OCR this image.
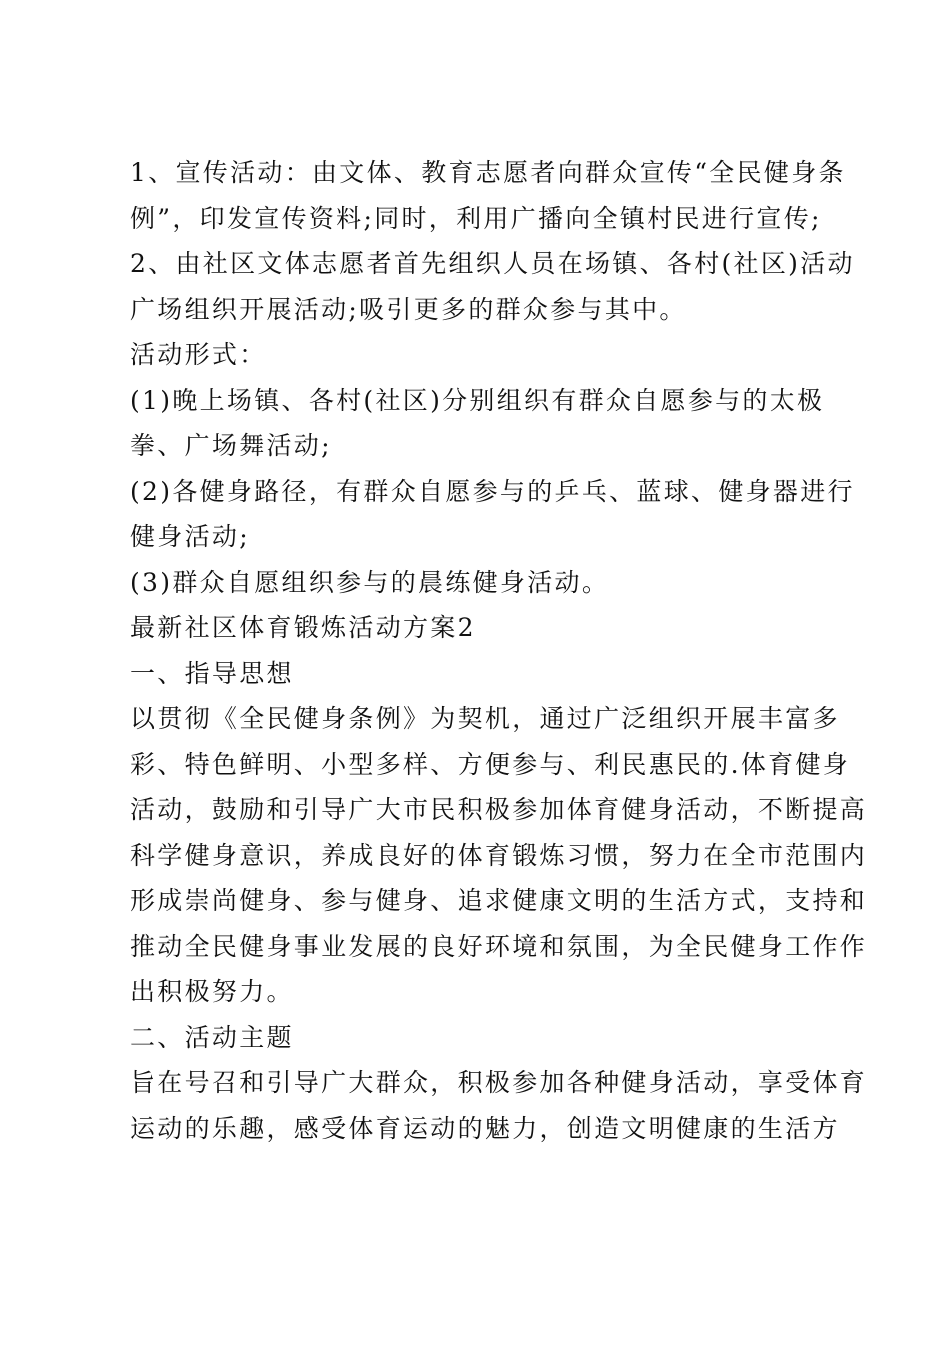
1、宣传活动：由文体、教育志愿者向群众宣传“全民健身条
例”，印发宣传资料;同时，利用广播向全镇村民进行宣传;
2、由社区文体志愿者首先组织人员在场镇、各村(社区)活动
广场组织开展活动;吸引更多的群众参与其中。
活动形式：
(1)晚上场镇、各村(社区)分别组织有群众自愿参与的太极
拳、广场舞活动;
(2)各健身路径，有群众自愿参与的乒乓、蓝球、健身器进行
健身活动;
(3)群众自愿组织参与的晨练健身活动。
最新社区体育锻炼活动方案2
一、指导思想
以贯彻《全民健身条例》为契机，通过广泛组织开展丰富多
彩、特色鲜明、小型多样、方便参与、利民惠民的.体育健身
活动，鼓励和引导广大市民积极参加体育健身活动，不断提高
科学健身意识，养成良好的体育锻炼习惯，努力在全市范围内
形成崇尚健身、参与健身、追求健康文明的生活方式，支持和
推动全民健身事业发展的良好环境和氛围，为全民健身工作作
出积极努力。
二、活动主题
旨在号召和引导广大群众，积极参加各种健身活动，享受体育
运动的乐趣，感受体育运动的魅力，创造文明健康的生活方
